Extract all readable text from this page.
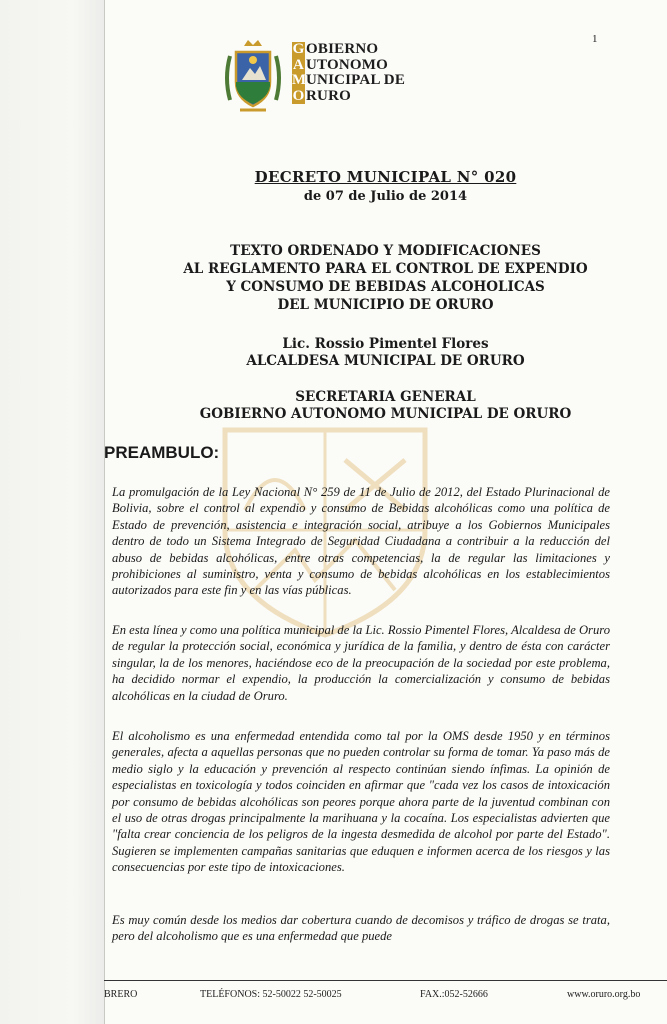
1
G OBIERNO
A UTONOMO
MUNICIPAL DE
O RURO
DECRETO MUNICIPAL N° 020
de 07 de Julio de 2014
TEXTO ORDENADO Y MODIFICACIONES
AL REGLAMENTO PARA EL CONTROL DE EXPENDIO
Y CONSUMO DE BEBIDAS ALCOHOLICAS
DEL MUNICIPIO DE ORURO
Lic. Rossio Pimentel Flores
ALCALDESA MUNICIPAL DE ORURO
SECRETARIA GENERAL
GOBIERNO AUTONOMO MUNICIPAL DE ORURO
PREAMBULO:
La promulgación de la Ley Nacional N° 259 de 11 de Julio de 2012, del Estado Plurinacional de Bolivia, sobre el control al expendio y consumo de Bebidas alcohólicas como una política de Estado de prevención, asistencia e integración social, atribuye a los Gobiernos Municipales dentro de todo un Sistema Integrado de Seguridad Ciudadana a contribuir a la reducción del abuso de bebidas alcohólicas, entre otras competencias, la de regular las limitaciones y prohibiciones al suministro, venta y consumo de bebidas alcohólicas en los establecimientos autorizados para este fin y en las vías públicas.
En esta línea y como una política municipal de la Lic. Rossio Pimentel Flores, Alcaldesa de Oruro de regular la protección social, económica y jurídica de la familia, y dentro de ésta con carácter singular, la de los menores, haciéndose eco de la preocupación de la sociedad por este problema, ha decidido normar el expendio, la producción la comercialización y consumo de bebidas alcohólicas en la ciudad de Oruro.
El alcoholismo es una enfermedad entendida como tal por la OMS desde 1950 y en términos generales, afecta a aquellas personas que no pueden controlar su forma de tomar. Ya paso más de medio siglo y la educación y prevención al respecto continúan siendo ínfimas. La opinión de especialistas en toxicología y todos coinciden en afirmar que "cada vez los casos de intoxicación por consumo de bebidas alcohólicas son peores porque ahora parte de la juventud combinan con el uso de otras drogas principalmente la marihuana y la cocaína. Los especialistas advierten que "falta crear conciencia de los peligros de la ingesta desmedida de alcohol por parte del Estado". Sugieren se implementen campañas sanitarias que eduquen e informen acerca de los riesgos y las consecuencias por este tipo de intoxicaciones.
Es muy común desde los medios dar cobertura cuando de decomisos y tráfico de drogas se trata, pero del alcoholismo que es una enfermedad que puede
BRERO	TELÉFONOS: 52-50022 52-50025	FAX.:052-52666	www.oruro.org.bo
